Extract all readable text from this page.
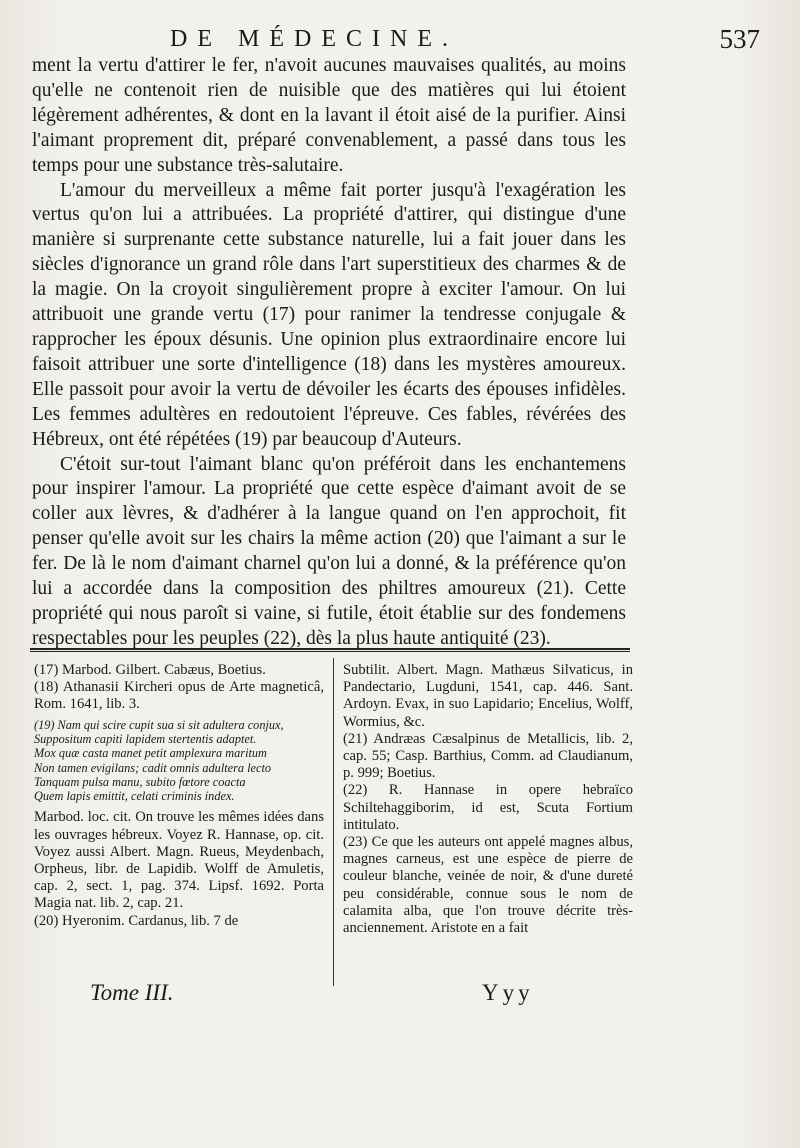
DE MÉDECINE.	537

ment la vertu d'attirer le fer, n'avoit aucunes mauvaises qualités, au moins qu'elle ne contenoit rien de nuisible que des matières qui lui étoient légèrement adhérentes, & dont en la lavant il étoit aisé de la purifier. Ainsi l'aimant proprement dit, préparé convenablement, a passé dans tous les temps pour une substance très-salutaire.

L'amour du merveilleux a même fait porter jusqu'à l'exagération les vertus qu'on lui a attribuées. La propriété d'attirer, qui distingue d'une manière si surprenante cette substance naturelle, lui a fait jouer dans les siècles d'ignorance un grand rôle dans l'art superstitieux des charmes & de la magie. On la croyoit singulièrement propre à exciter l'amour. On lui attribuoit une grande vertu (17) pour ranimer la tendresse conjugale & rapprocher les époux désunis. Une opinion plus extraordinaire encore lui faisoit attribuer une sorte d'intelligence (18) dans les mystères amoureux. Elle passoit pour avoir la vertu de dévoiler les écarts des épouses infidèles. Les femmes adultères en redoutoient l'épreuve. Ces fables, révérées des Hébreux, ont été répétées (19) par beaucoup d'Auteurs.

C'étoit sur-tout l'aimant blanc qu'on préféroit dans les enchantemens pour inspirer l'amour. La propriété que cette espèce d'aimant avoit de se coller aux lèvres, & d'adhérer à la langue quand on l'en approchoit, fit penser qu'elle avoit sur les chairs la même action (20) que l'aimant a sur le fer. De là le nom d'aimant charnel qu'on lui a donné, & la préférence qu'on lui a accordée dans la composition des philtres amoureux (21). Cette propriété qui nous paroît si vaine, si futile, étoit établie sur des fondemens respectables pour les peuples (22), dès la plus haute antiquité (23).

(17) Marbod. Gilbert. Cabæus, Boetius.

(18) Athanasii Kircheri opus de Arte magneticâ, Rom. 1641, lib. 3.

(19) Nam qui scire cupit sua si sit adultera conjux,
Suppositum capiti lapidem stertentis adaptet.
Mox quæ casta manet petit amplexura maritum
Non tamen evigilans; cadit omnis adultera lecto
Tanquam pulsa manu, subito fœtore coacta
Quem lapis emittit, celati criminis index.

Marbod. loc. cit. On trouve les mêmes idées dans les ouvrages hébreux. Voyez R. Hannase, op. cit. Voyez aussi Albert. Magn. Rueus, Meydenbach, Orpheus, libr. de Lapidib. Wolff de Amuletis, cap. 2, sect. 1, pag. 374. Lipsf. 1692. Porta Magia nat. lib. 2, cap. 21.

(20) Hyeronim. Cardanus, lib. 7 de

Subtilit. Albert. Magn. Mathæus Silvaticus, in Pandectario, Lugduni, 1541, cap. 446. Sant. Ardoyn. Evax, in suo Lapidario; Encelius, Wolff, Wormius, &c.

(21) Andræas Cæsalpinus de Metallicis, lib. 2, cap. 55; Casp. Barthius, Comm. ad Claudianum, p. 999; Boetius.

(22) R. Hannase in opere hebraïco Schiltehaggiborim, id est, Scuta Fortium intitulato.

(23) Ce que les auteurs ont appelé magnes albus, magnes carneus, est une espèce de pierre de couleur blanche, veinée de noir, & d'une dureté peu considérable, connue sous le nom de calamita alba, que l'on trouve décrite très-anciennement. Aristote en a fait

Tome III.	Yyy
